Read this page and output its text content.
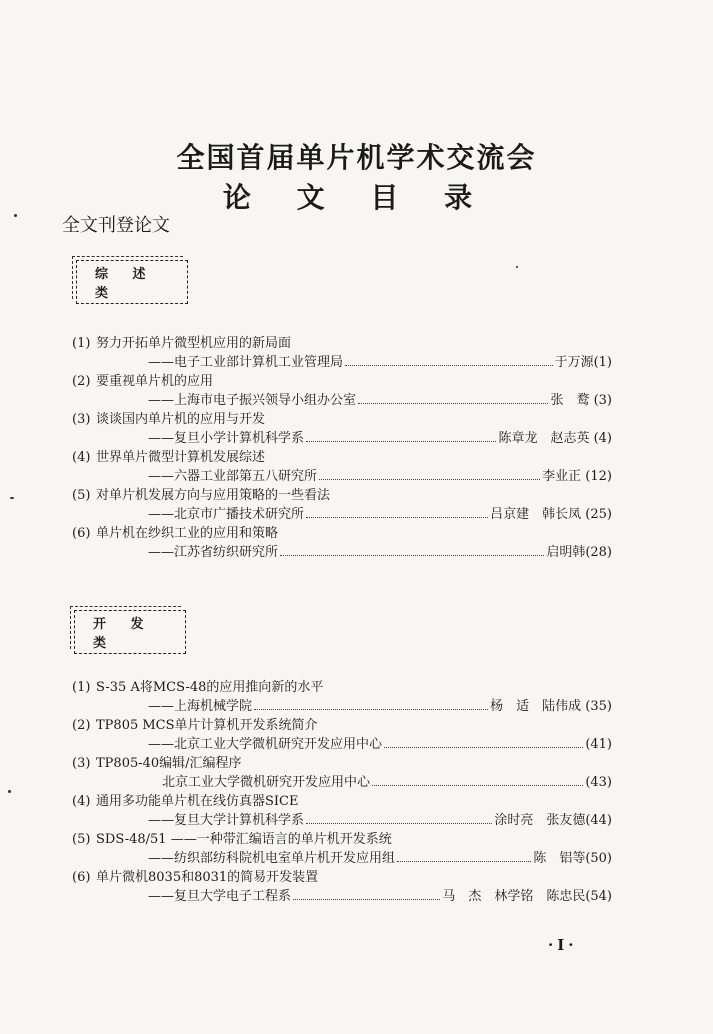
全国首届单片机学术交流会
论 文 目 录
全文刊登论文
综 述 类
(1) 努力开拓单片微型机应用的新局面
—— 电子工业部计算机工业管理局	于万源(1)
(2) 要重视单片机的应用
—— 上海市电子振兴领导小组办公室	张　鹜 (3)
(3) 谈谈国内单片机的应用与开发
—— 复旦小学计算机科学系	陈章龙　赵志英 (4)
(4) 世界单片微型计算机发展综述
—— 六器工业部第五八研究所	李业正 (12)
(5) 对单片机发展方向与应用策略的一些看法
—— 北京市广播技术研究所	吕京建　韩长凤 (25)
(6) 单片机在纱织工业的应用和策略
—— 江苏省纺织研究所	启明韩(28)
开 发 类
(1) S-35 A将MCS-48的应用推向新的水平
—— 上海机械学院	杨　适　陆伟成 (35)
(2) TP805 MCS单片计算机开发系统简介
—— 北京工业大学微机研究开发应用中心	(41)
(3) TP805-40编辑/汇编程序
北京工业大学微机研究开发应用中心	(43)
(4) 通用多功能单片机在线仿真器SICE
—— 复旦大学计算机科学系	涂时亮　张友德(44)
(5) SDS-48/51 ——一种带汇编语言的单片机开发系统
—— 纺织部纺科院机电室单片机开发应用组	陈　铝等(50)
(6) 单片微机8035和8031的简易开发装置
—— 复旦大学电子工程系	马　杰　林学铭　陈忠民(54)
·I·
